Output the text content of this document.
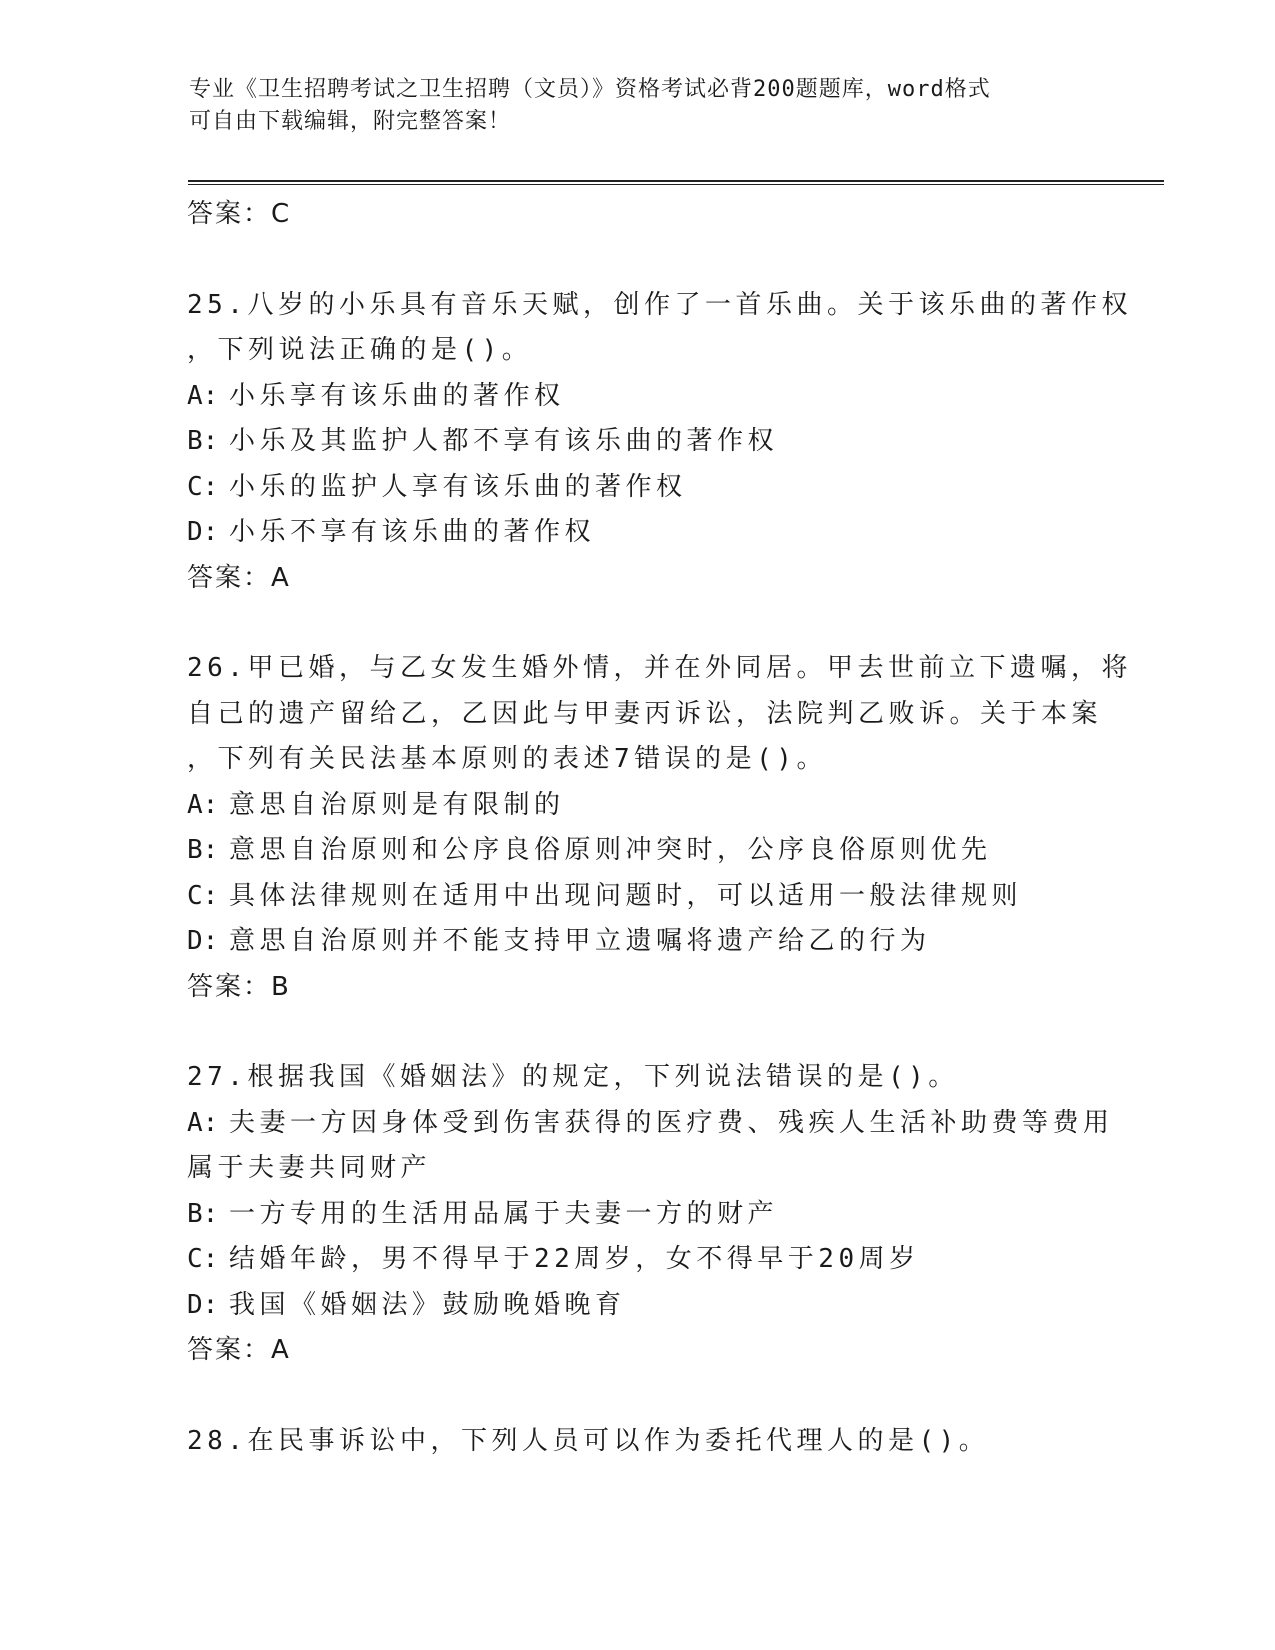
专业《卫生招聘考试之卫生招聘（文员）》资格考试必背200题题库，word格式
可自由下载编辑，附完整答案！
答案：C
25.八岁的小乐具有音乐天赋，创作了一首乐曲。关于该乐曲的著作权
，下列说法正确的是()。
A: 小乐享有该乐曲的著作权
B: 小乐及其监护人都不享有该乐曲的著作权
C: 小乐的监护人享有该乐曲的著作权
D: 小乐不享有该乐曲的著作权
答案：A
26.甲已婚，与乙女发生婚外情，并在外同居。甲去世前立下遗嘱，将
自己的遗产留给乙，乙因此与甲妻丙诉讼，法院判乙败诉。关于本案
，下列有关民法基本原则的表述7错误的是()。
A: 意思自治原则是有限制的
B: 意思自治原则和公序良俗原则冲突时，公序良俗原则优先
C: 具体法律规则在适用中出现问题时，可以适用一般法律规则
D: 意思自治原则并不能支持甲立遗嘱将遗产给乙的行为
答案：B
27.根据我国《婚姻法》的规定，下列说法错误的是()。
A: 夫妻一方因身体受到伤害获得的医疗费、残疾人生活补助费等费用
属于夫妻共同财产
B: 一方专用的生活用品属于夫妻一方的财产
C: 结婚年龄，男不得早于22周岁，女不得早于20周岁
D: 我国《婚姻法》鼓励晚婚晚育
答案：A
28.在民事诉讼中，下列人员可以作为委托代理人的是()。
